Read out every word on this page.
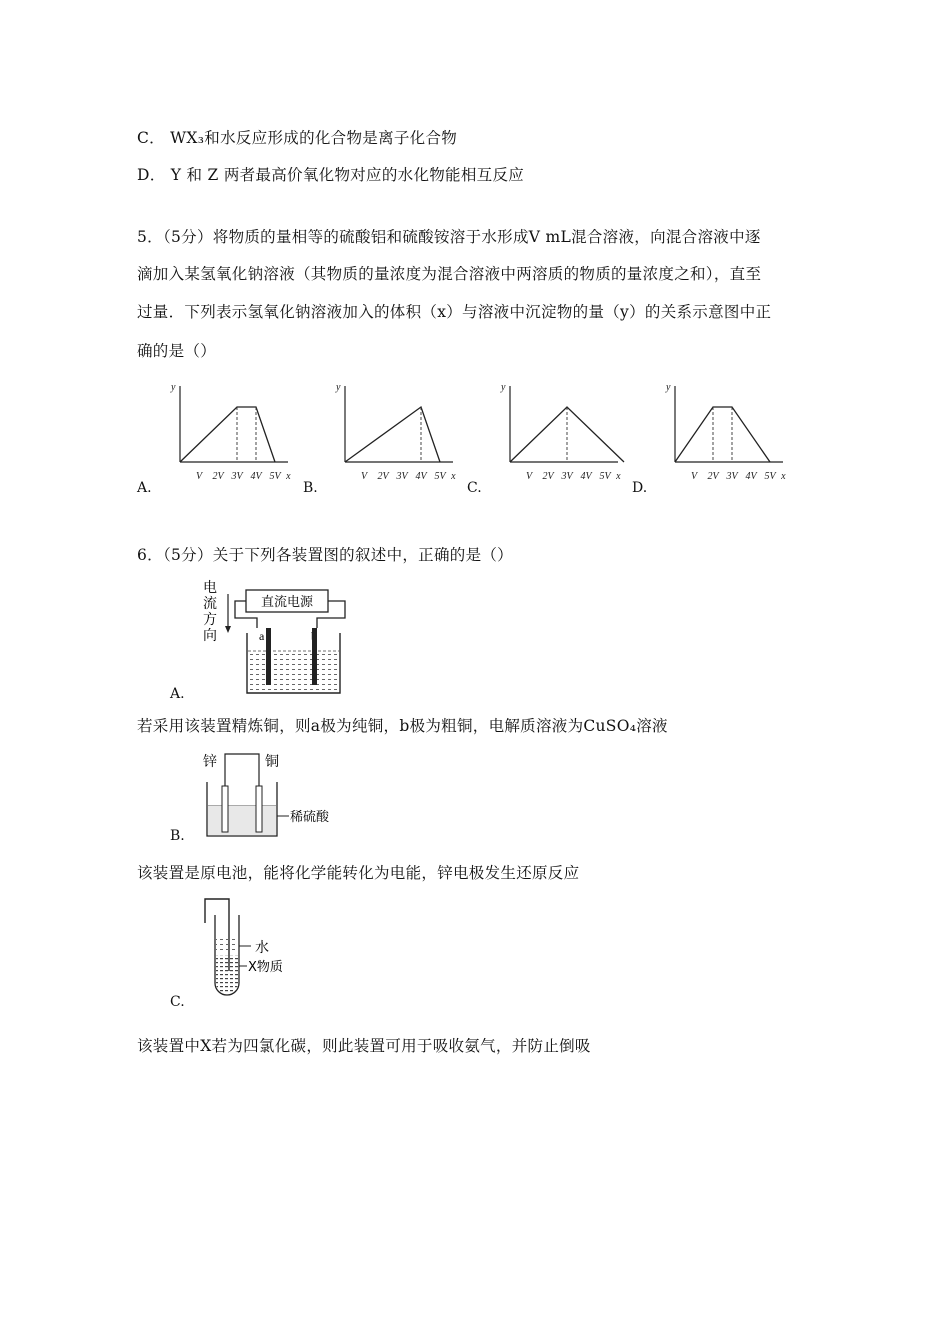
C． WX₃和水反应形成的化合物是离子化合物
D． Y 和 Z 两者最高价氧化物对应的水化物能相互反应
5．（5分）将物质的量相等的硫酸铝和硫酸铵溶于水形成V mL混合溶液，向混合溶液中逐
滴加入某氢氧化钠溶液（其物质的量浓度为混合溶液中两溶质的物质的量浓度之和），直至
过量．下列表示氢氧化钠溶液加入的体积（x）与溶液中沉淀物的量（y）的关系示意图中正
确的是（）
A.	B.	C.	D.
y
V 2V 3V 4V 5V x
y
V 2V 3V 4V 5V x
y
V 2V 3V 4V 5V x
y
V 2V 3V 4V 5V x
6．（5分）关于下列各装置图的叙述中，正确的是（）
电
流
方
向
直流电源
a
A.
若采用该装置精炼铜，则a极为纯铜，b极为粗铜，电解质溶液为CuSO₄溶液
锌	铜
稀硫酸
B.
该装置是原电池，能将化学能转化为电能，锌电极发生还原反应
水
X物质
C.
该装置中X若为四氯化碳，则此装置可用于吸收氨气，并防止倒吸
